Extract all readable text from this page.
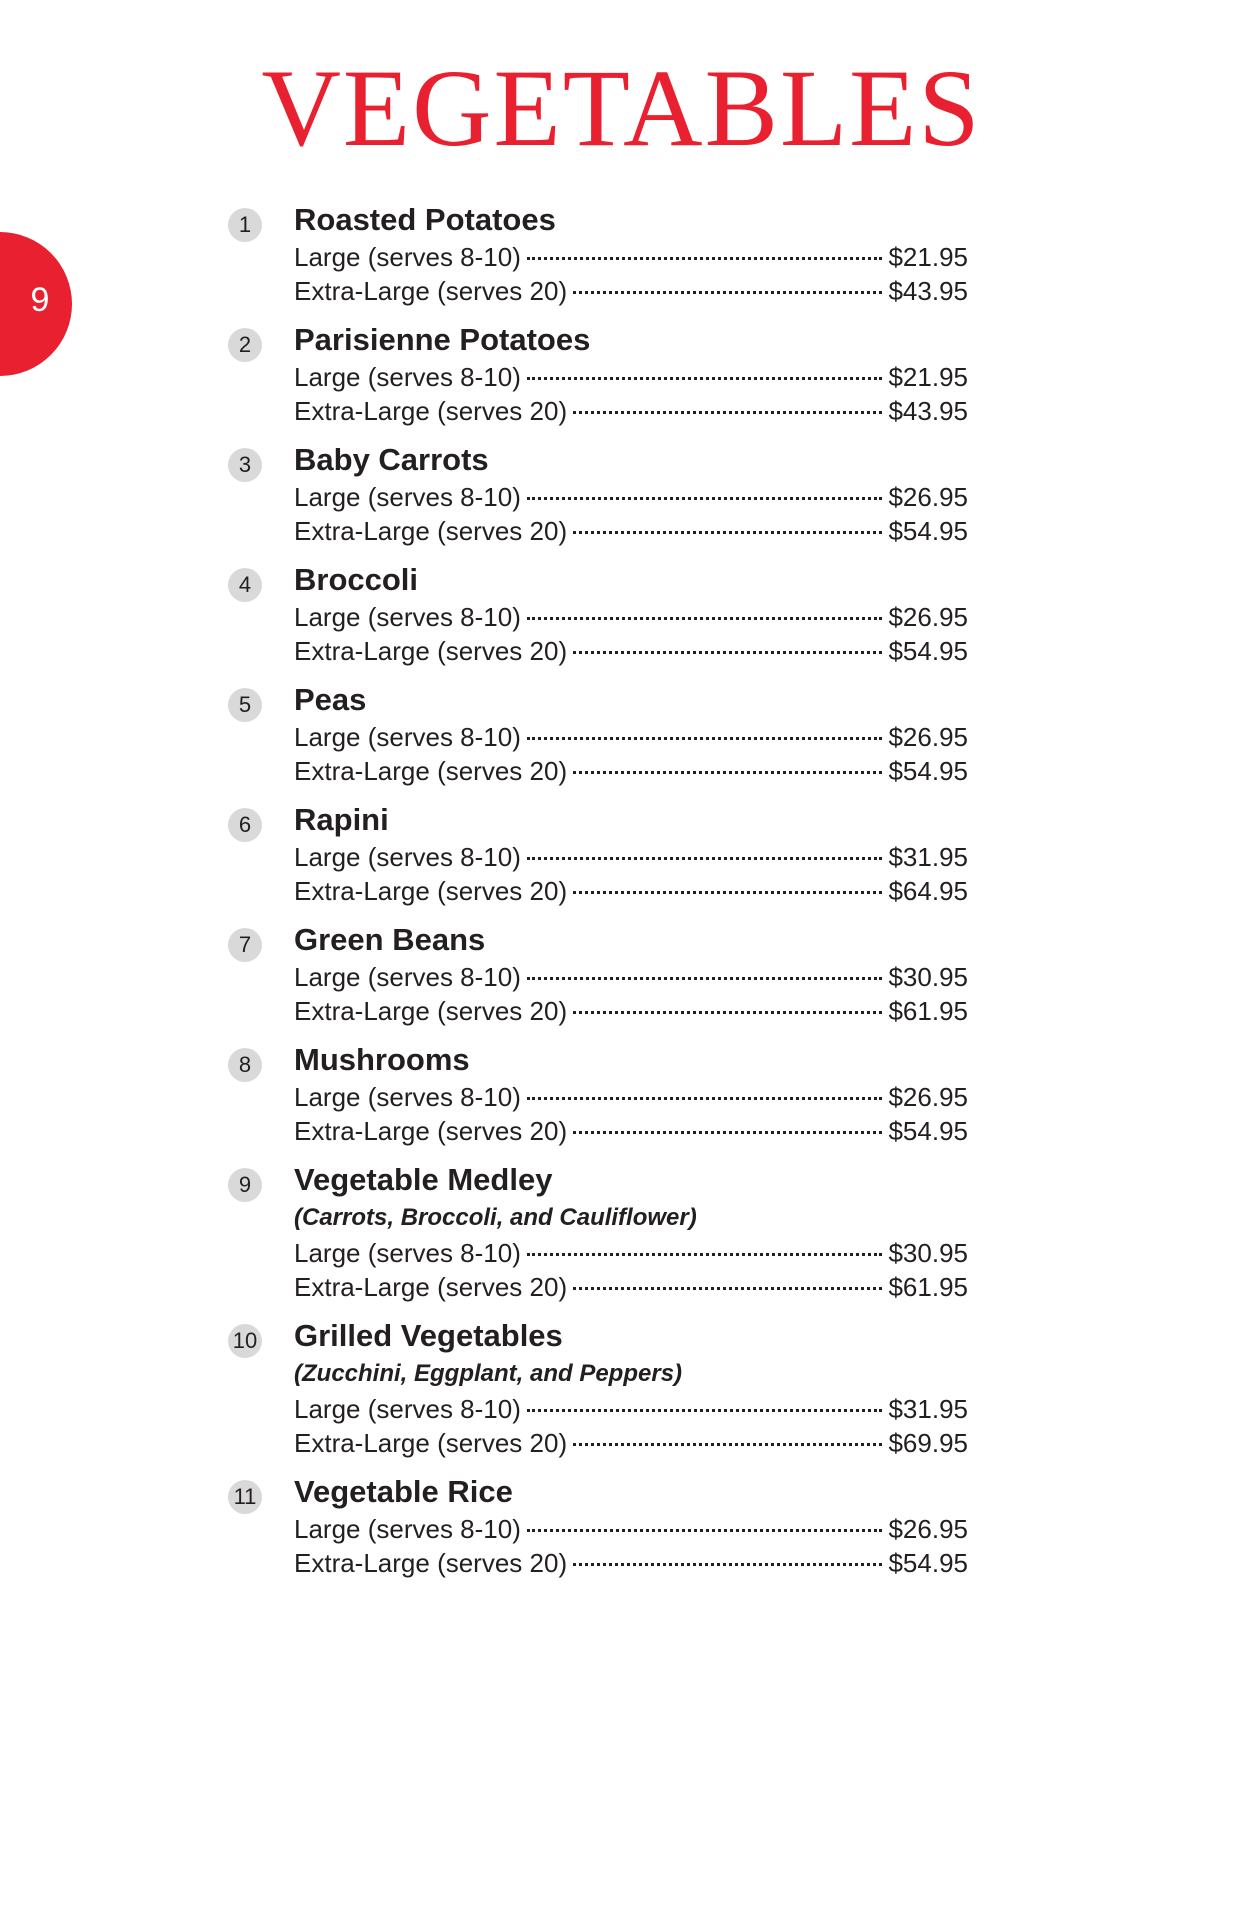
9
VEGETABLES
1	Roasted Potatoes
Large (serves 8-10)	$21.95
Extra-Large (serves 20)	$43.95
2	Parisienne Potatoes
Large (serves 8-10)	$21.95
Extra-Large (serves 20)	$43.95
3	Baby Carrots
Large (serves 8-10)	$26.95
Extra-Large (serves 20)	$54.95
4	Broccoli
Large (serves 8-10)	$26.95
Extra-Large (serves 20)	$54.95
5	Peas
Large (serves 8-10)	$26.95
Extra-Large (serves 20)	$54.95
6	Rapini
Large (serves 8-10)	$31.95
Extra-Large (serves 20)	$64.95
7	Green Beans
Large (serves 8-10)	$30.95
Extra-Large (serves 20)	$61.95
8	Mushrooms
Large (serves 8-10)	$26.95
Extra-Large (serves 20)	$54.95
9	Vegetable Medley
(Carrots, Broccoli, and Cauliflower)
Large (serves 8-10)	$30.95
Extra-Large (serves 20)	$61.95
10 Grilled Vegetables
(Zucchini, Eggplant, and Peppers)
Large (serves 8-10)	$31.95
Extra-Large (serves 20)	$69.95
11 Vegetable Rice
Large (serves 8-10)	$26.95
Extra-Large (serves 20)	$54.95
